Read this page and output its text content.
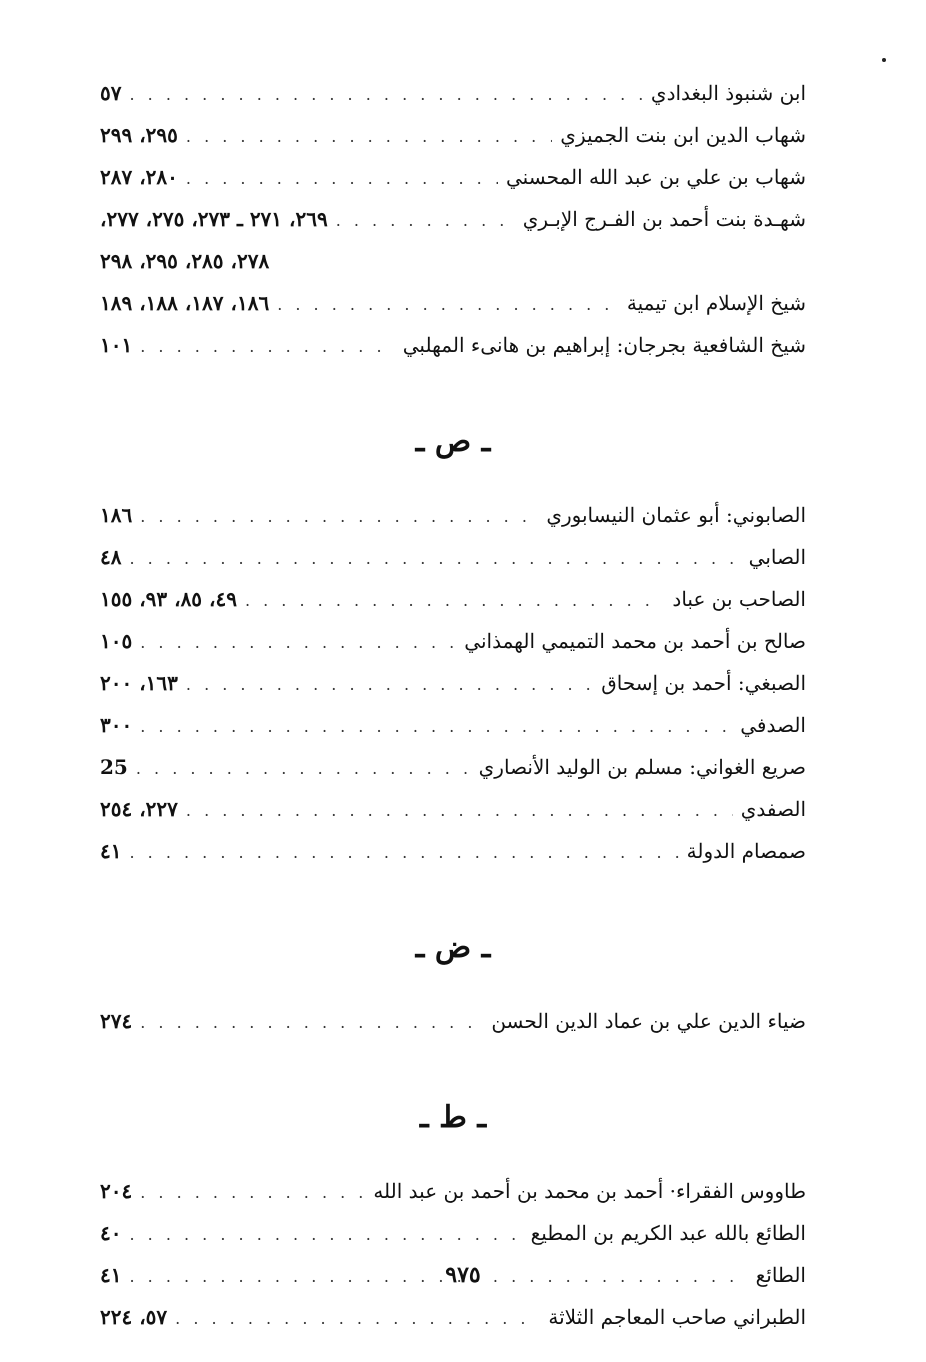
ابن شنبوذ البغدادي
. . .
٥٧
شهاب الدين ابن بنت الجميزي
. . .
٢٩٥، ٢٩٩
شهاب بن علي بن عبد الله المحسني
. . .
٢٨٠، ٢٨٧
شهـدة بنت أحمد بن الفـرج الإبـري
. . .
٢٦٩، ٢٧١ ـ ٢٧٣، ٢٧٥، ٢٧٧،
٢٧٨، ٢٨٥، ٢٩٥، ٢٩٨
شيخ الإسلام ابن تيمية
. . .
١٨٦، ١٨٧، ١٨٨، ١٨٩
شيخ الشافعية بجرجان: إبراهيم بن هانىء المهلبي
. . .
١٠١
ـ ص ـ
الصابوني: أبو عثمان النيسابوري
. . .
١٨٦
الصابي
. . .
٤٨
الصاحب بن عباد
. . .
٤٩، ٨٥، ٩٣، ١٥٥
صالح بن أحمد بن محمد التميمي الهمذاني
. . .
١٠٥
الصبغي: أحمد بن إسحاق
. . .
١٦٣، ٢٠٠
الصدفي
. . .
٣٠٠
صريع الغواني: مسلم بن الوليد الأنصاري
. . .
25
الصفدي
. . .
٢٢٧، ٢٥٤
صمصام الدولة
. . .
٤١
ـ ض ـ
ضياء الدين علي بن عماد الدين الحسن
. . .
٢٧٤
ـ ط ـ
طاووس الفقراء· أحمد بن محمد بن أحمد بن عبد الله
. . .
٢٠٤
الطائع بالله عبد الكريم بن المطيع
. . .
٤٠
الطائع
. . .
٤١
الطبراني صاحب المعاجم الثلاثة
. . .
٥٧، ٢٢٤
٩٧٥
